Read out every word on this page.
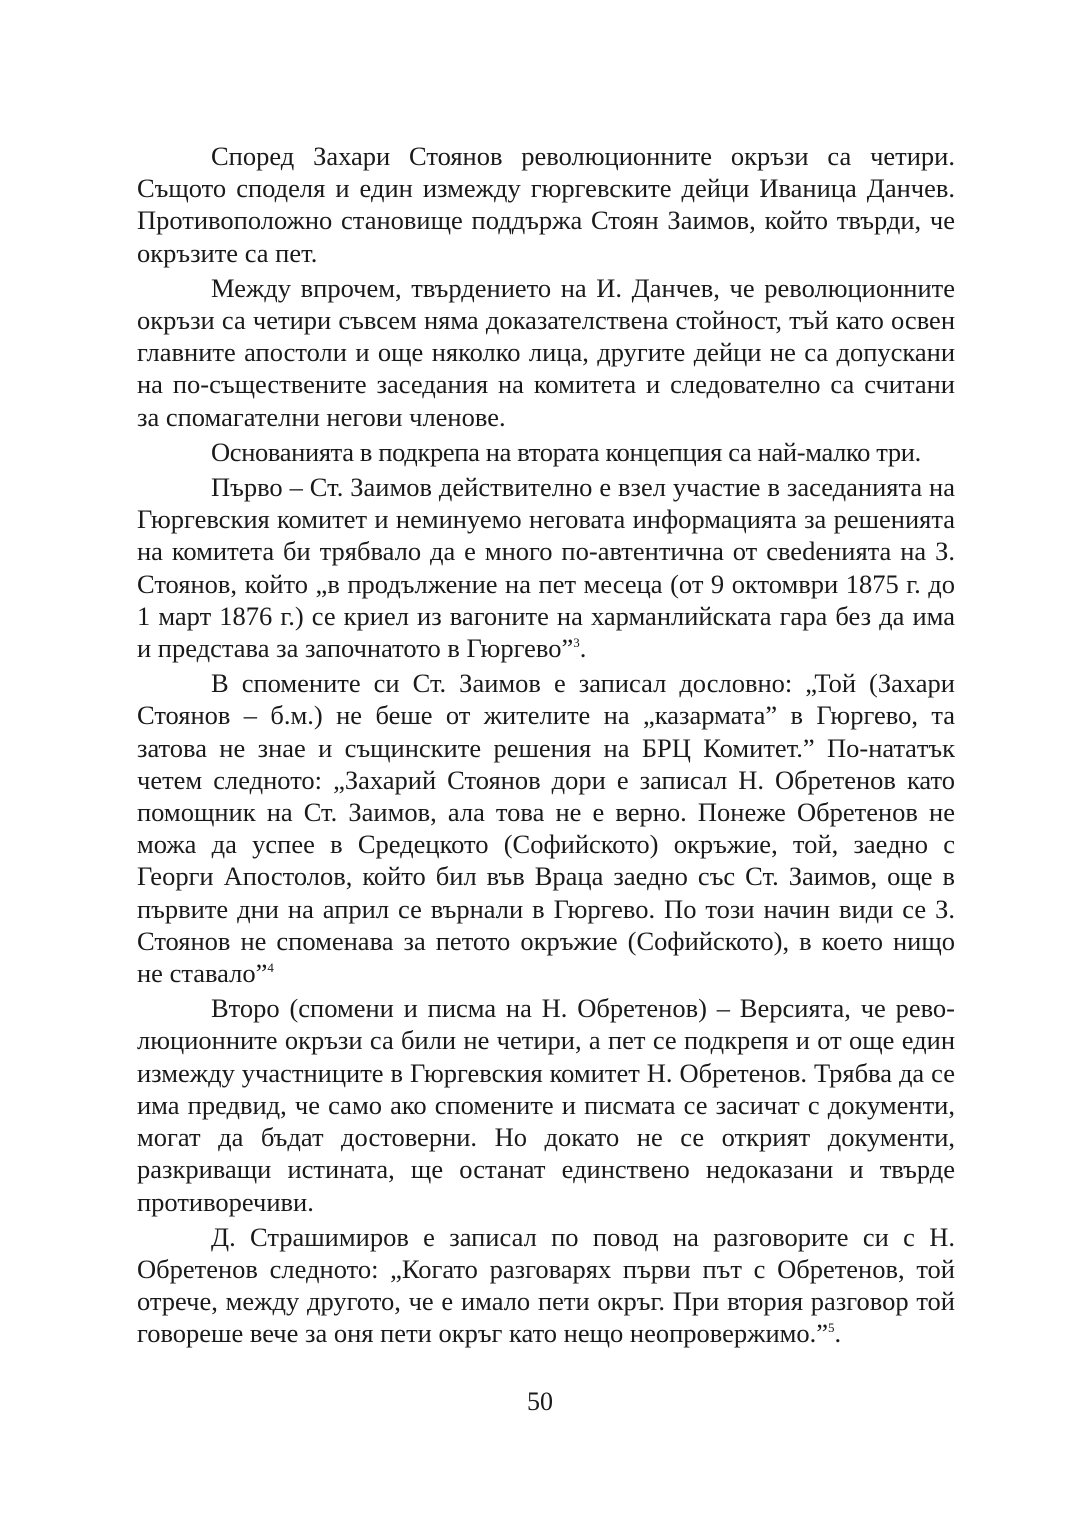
Според Захари Стоянов революционните окръзи са четири. Същото споделя и един измежду гюргевските дейци Иваница Данчев. Противоположно становище поддържа Стоян Заимов, който твърди, че окръзите са пет.

Между впрочем, твърдението на И. Данчев, че революционните окръзи са четири съвсем няма доказателствена стойност, тъй като освен главните апостоли и още няколко лица, другите дейци не са допускани на по-съществените заседания на комитета и следователно са считани за спомагателни негови членове.

Основанията в подкрепа на втората концепция са най-малко три.

Първо – Ст. Заимов действително е взел участие в заседанията на Гюргевския комитет и неминуемо неговата информацията за решенията на комитета би трябвало да е много по-автентична от свеdенията на З. Стоянов, който „в продължение на пет месеца (от 9 октомври 1875 г. до 1 март 1876 г.) се криел из вагоните на харманлийската гара без да има и представа за започнатото в Гюргево”$^3$.

В спомените си Ст. Заимов е записал дословно: „Той (Захари Стоянов – б.м.) не беше от жителите на „казармата” в Гюргево, та затова не знае и същинските решения на БРЦ Комитет.” По-натaтък четем следното: „Захарий Стоянов дори е записал Н. Обретенов като помощник на Ст. Заимов, ала това не е верно. Понеже Обретенов не можа да успее в Средецкото (Софийското) окръжие, той, заедно с Георги Апостолов, който бил във Враца заедно със Ст. Заимов, още в първите дни на април се върнали в Гюргево. По този начин види се З. Стоянов не споменава за петото окръжие (Софийското), в което нищо не ставало”$^4$

Второ (спомени и писма на Н. Обретенов) – Версията, че революционните окръзи са били не четири, а пет се подкрепя и от още един измежду участниците в Гюргевския комитет Н. Обретенов. Трябва да се има предвид, че само ако спомените и писмата се засичат с документи, могат да бъдат достоверни. Но докато не се открият документи, разкриващи истината, ще останат единствено недоказани и твърде противоречиви.

Д. Страшимиров е записал по повод на разговорите си с Н. Обретенов следното: „Когато разговарях първи път с Обретенов, той отрече, между другото, че е имало пети окръг. При втория разговор той говореше вече за оня пети окръг като нещо неопровержимо.”$^5$.

50
